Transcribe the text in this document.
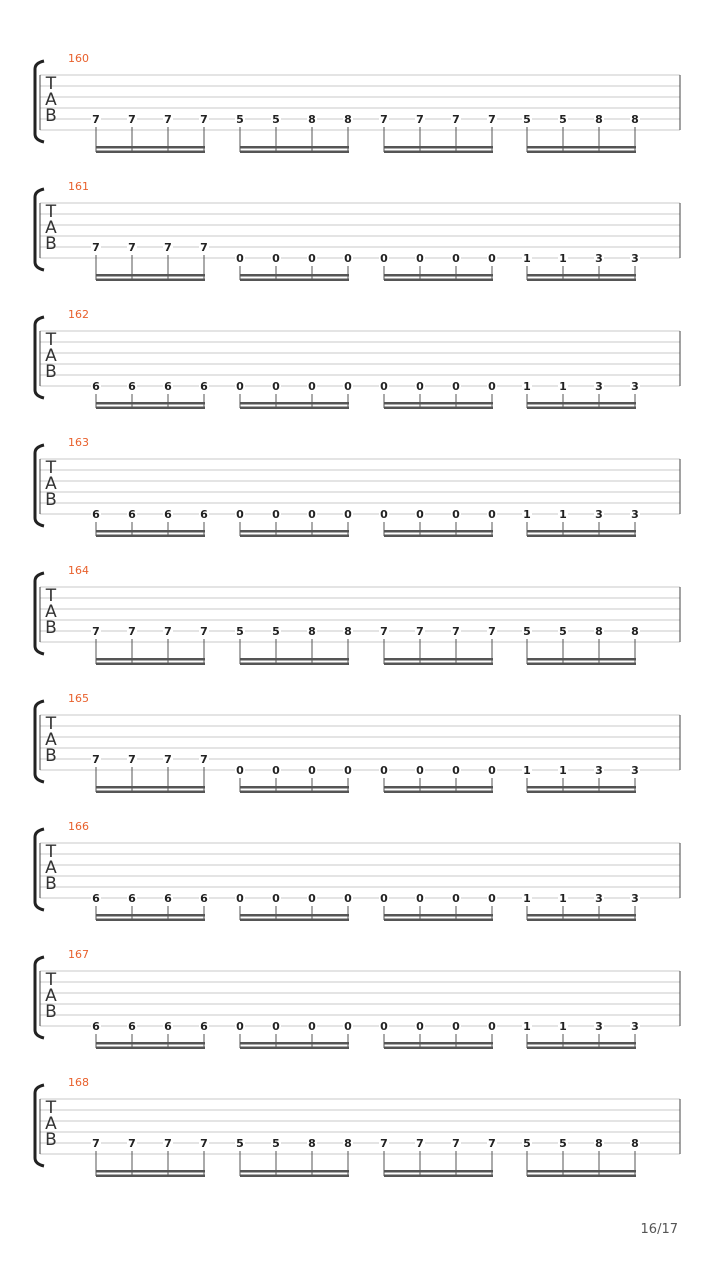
160
T
A
B	7	7	7	7	5	5	8	8	7	7	7	7 5	5	8	8
161
T
A
B	7	7	7	7
0	0	0	0	0	0	0	0 1	1	3	3
162
T
A
B
6	6	6	6	0	0	0	0	0	0	0	0 1	1	3	3
163
T
A
B
6	6	6	6	0	0	0	0	0	0	0	0 1	1	3	3
164
T
A
B	7	7	7	7	5	5	8	8	7	7	7	7 5	5	8	8
165
T
A
B	7	7	7	7
0	0	0	0	0	0	0	0 1	1	3	3
166
T
A
B
6	6	6	6	0	0	0	0	0	0	0	0 1	1	3	3
167
T
A
B
6	6	6	6	0	0	0	0	0	0	0	0 1	1	3	3
168
T
A
B	7	7	7	7	5	5	8	8	7	7	7	7 5	5	8	8
16/17
